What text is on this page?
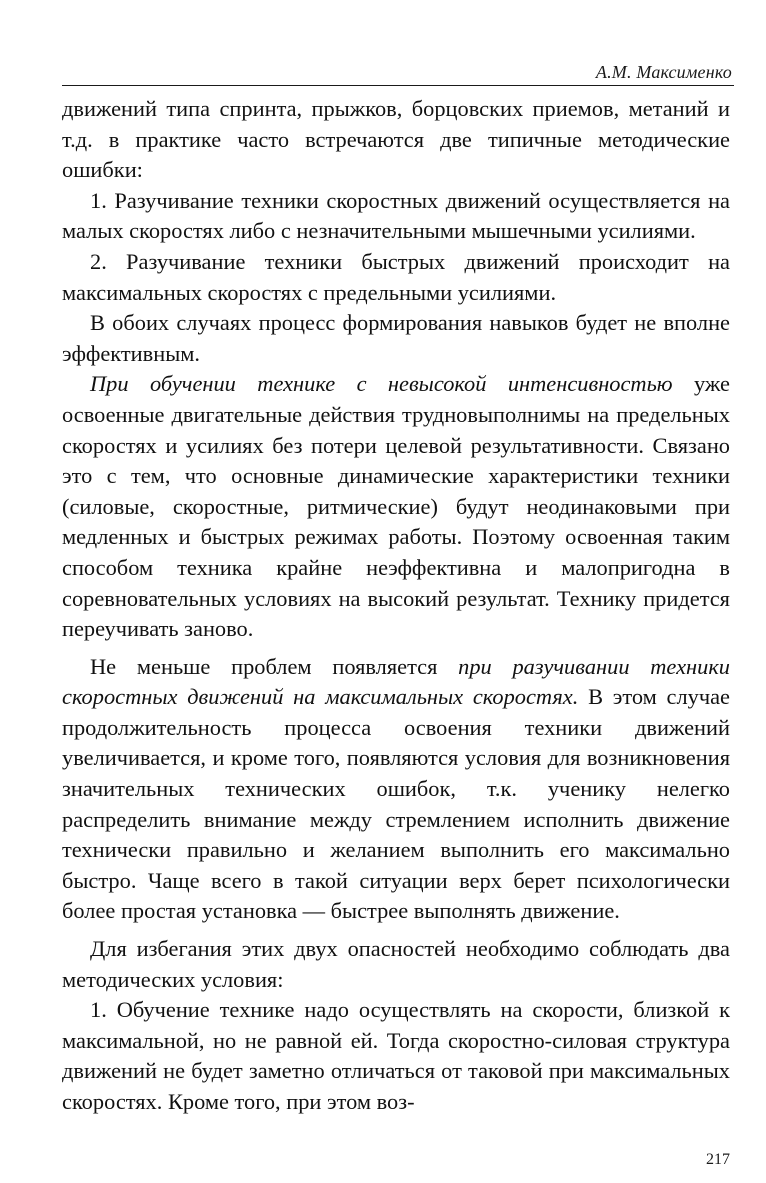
А.М. Максименко

движений типа спринта, прыжков, борцовских приемов, метаний и т.д. в практике часто встречаются две типичные методические ошибки:

1. Разучивание техники скоростных движений осуществляется на малых скоростях либо с незначительными мышечными усилиями.

2. Разучивание техники быстрых движений происходит на максимальных скоростях с предельными усилиями.

В обоих случаях процесс формирования навыков будет не вполне эффективным.

При обучении технике с невысокой интенсивностью уже освоенные двигательные действия трудновыполнимы на предельных скоростях и усилиях без потери целевой результативности. Связано это с тем, что основные динамические характеристики техники (силовые, скоростные, ритмические) будут неодинаковыми при медленных и быстрых режимах работы. Поэтому освоенная таким способом техника крайне неэффективна и малопригодна в соревновательных условиях на высокий результат. Технику придется переучивать заново.

Не меньше проблем появляется при разучивании техники скоростных движений на максимальных скоростях. В этом случае продолжительность процесса освоения техники движений увеличивается, и кроме того, появляются условия для возникновения значительных технических ошибок, т.к. ученику нелегко распределить внимание между стремлением исполнить движение технически правильно и желанием выполнить его максимально быстро. Чаще всего в такой ситуации верх берет психологически более простая установка — быстрее выполнять движение.

Для избегания этих двух опасностей необходимо соблюдать два методических условия:

1. Обучение технике надо осуществлять на скорости, близкой к максимальной, но не равной ей. Тогда скоростно-силовая структура движений не будет заметно отличаться от таковой при максимальных скоростях. Кроме того, при этом воз-

217
